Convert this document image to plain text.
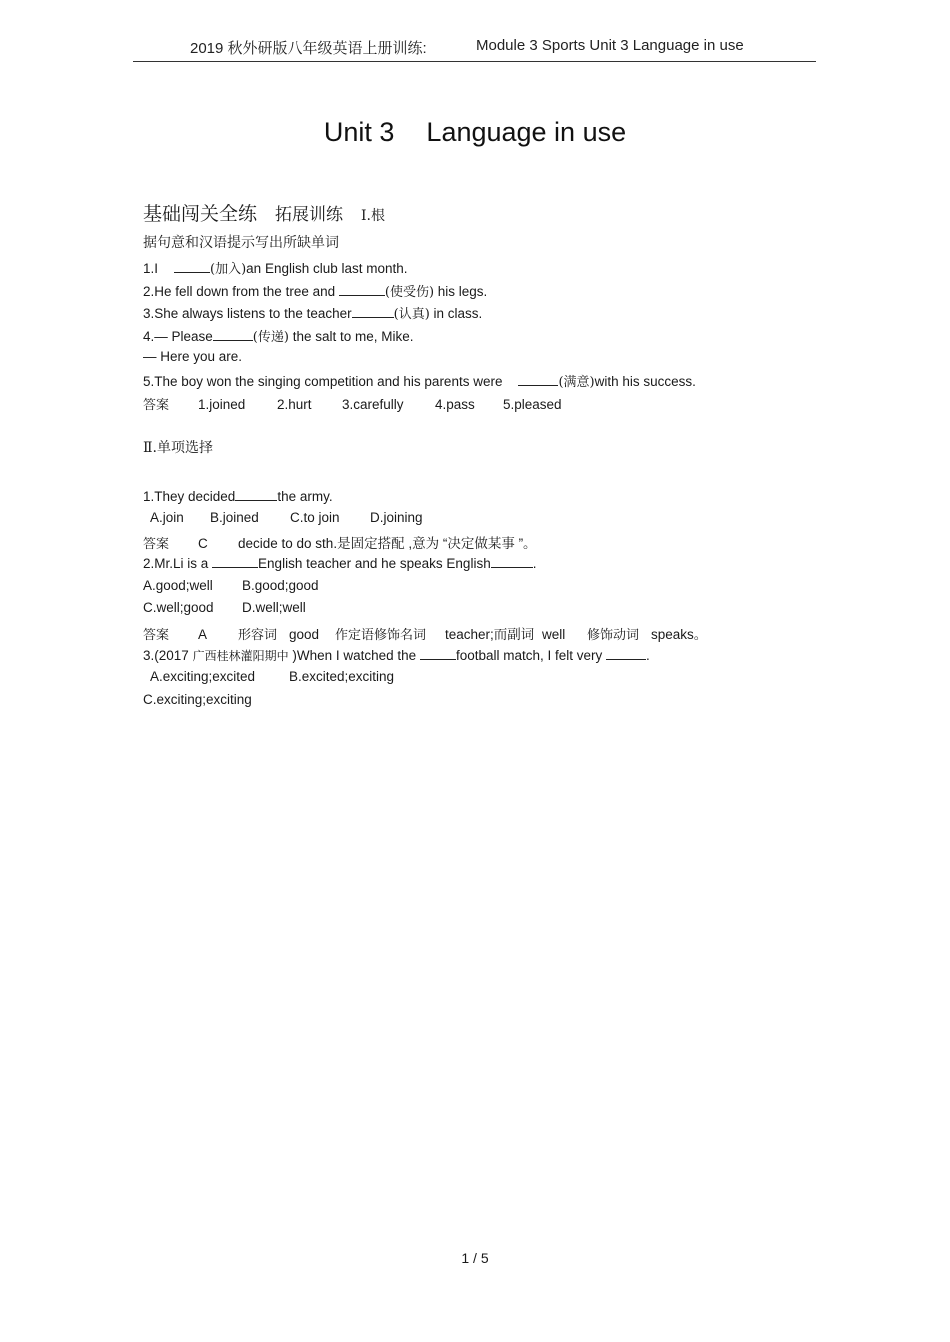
2019 秋外研版八年级英语上册训练:	Module 3 Sports Unit 3 Language in use
Unit 3 Language in use
基础闯关全练 拓展训练 Ⅰ.根
据句意和汉语提示写出所缺单词
1.I	(加入)an English club last month.
2.He fell down from the tree and	(使受伤) his legs.
3.She always listens to the teacher	(认真) in class.
4.— Please	(传递) the salt to me, Mike.
— Here you are.
5.The boy won the singing competition and his parents were	(满意)with his success.
答案 1.joined 2.hurt 3.carefully 4.pass 5.pleased
Ⅱ.单项选择
1.They decided	the army.
A.join B.joined C.to join D.joining
答案 C decide to do sth.是固定搭配 ,意为 “决定做某事 ”。
2.Mr.Li is a	English teacher and he speaks English	.
A.good;well B.good;good
C.well;good D.well;well
答案 A 形容词 good 作定语修饰名词 teacher;而副词 well 修饰动词 speaks。
3.(2017 广西桂林灌阳期中 )When I watched the	football match, I felt very	.
A.exciting;excited	B.excited;exciting
C.exciting;exciting
1 / 5
